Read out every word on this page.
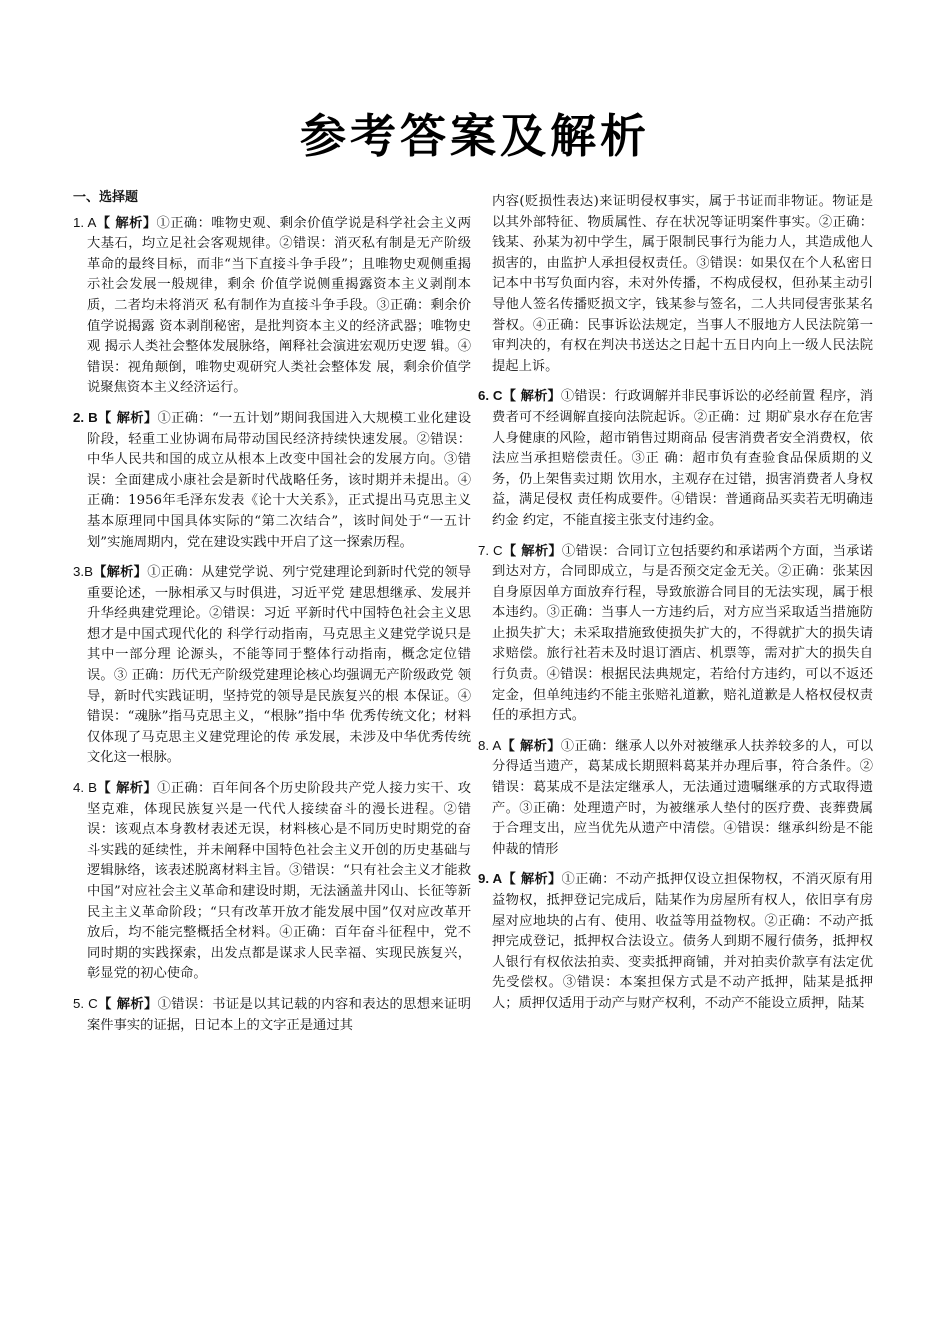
参考答案及解析
一、选择题
1. A【 解析】①正确：唯物史观、剩余价值学说是科学社会主义两大基石，均立足社会客观规律。②错误：消灭私有制是无产阶级革命的最终目标，而非“当下直接斗争手段”；且唯物史观侧重揭示社会发展一般规律，剩余 价值学说侧重揭露资本主义剥削本质，二者均未将消灭 私有制作为直接斗争手段。③正确：剩余价值学说揭露 资本剥削秘密，是批判资本主义的经济武器；唯物史观 揭示人类社会整体发展脉络，阐释社会演进宏观历史逻 辑。④错误：视角颠倒，唯物史观研究人类社会整体发 展，剩余价值学说聚焦资本主义经济运行。
2. B【 解析】①正确：“一五计划”期间我国进入大规模工业化建设阶段，轻重工业协调布局带动国民经济持续快速发展。②错误：中华人民共和国的成立从根本上改变中国社会的发展方向。③错误：全面建成小康社会是新时代战略任务，该时期并未提出。④正确：1956年毛泽东发表《论十大关系》，正式提出马克思主义基本原理同中国具体实际的“第二次结合”，该时间处于“一五计划”实施周期内，党在建设实践中开启了这一探索历程。
3.B【解析】①正确：从建党学说、列宁党建理论到新时代党的领导重要论述，一脉相承又与时俱进，习近平党 建思想继承、发展并升华经典建党理论。②错误：习近 平新时代中国特色社会主义思想才是中国式现代化的 科学行动指南，马克思主义建党学说只是其中一部分理 论源头，不能等同于整体行动指南，概念定位错误。③ 正确：历代无产阶级党建理论核心均强调无产阶级政党 领导，新时代实践证明，坚持党的领导是民族复兴的根 本保证。④错误：“魂脉”指马克思主义，“根脉”指中华 优秀传统文化；材料仅体现了马克思主义建党理论的传 承发展，未涉及中华优秀传统文化这一根脉。
4. B【 解析】①正确：百年间各个历史阶段共产党人接力实干、攻坚克难，体现民族复兴是一代代人接续奋斗的漫长进程。②错误：该观点本身教材表述无误，材料核心是不同历史时期党的奋斗实践的延续性，并未阐释中国特色社会主义开创的历史基础与逻辑脉络，该表述脱离材料主旨。③错误：“只有社会主义才能救中国”对应社会主义革命和建设时期，无法涵盖井冈山、长征等新民主主义革命阶段；“只有改革开放才能发展中国”仅对应改革开放后，均不能完整概括全材料。④正确：百年奋斗征程中，党不同时期的实践探索，出发点都是谋求人民幸福、实现民族复兴，彰显党的初心使命。
5. C【 解析】①错误：书证是以其记载的内容和表达的思想来证明案件事实的证据，日记本上的文字正是通过其
内容(贬损性表达)来证明侵权事实，属于书证而非物证。物证是以其外部特征、物质属性、存在状况等证明案件事实。②正确：钱某、孙某为初中学生，属于限制民事行为能力人，其造成他人损害的，由监护人承担侵权责任。③错误：如果仅在个人私密日记本中书写负面内容，未对外传播，不构成侵权，但孙某主动引导他人签名传播贬损文字，钱某参与签名，二人共同侵害张某名誉权。④正确：民事诉讼法规定，当事人不服地方人民法院第一审判决的，有权在判决书送达之日起十五日内向上一级人民法院提起上诉。
6. C【 解析】①错误：行政调解并非民事诉讼的必经前置 程序，消费者可不经调解直接向法院起诉。②正确：过 期矿泉水存在危害人身健康的风险，超市销售过期商品 侵害消费者安全消费权，依法应当承担赔偿责任。③正 确：超市负有查验食品保质期的义务，仍上架售卖过期 饮用水，主观存在过错，损害消费者人身权益，满足侵权 责任构成要件。④错误：普通商品买卖若无明确违约金 约定，不能直接主张支付违约金。
7. C【 解析】①错误：合同订立包括要约和承诺两个方面，当承诺到达对方，合同即成立，与是否预交定金无关。②正确：张某因自身原因单方面放弃行程，导致旅游合同目的无法实现，属于根本违约。③正确：当事人一方违约后，对方应当采取适当措施防止损失扩大；未采取措施致使损失扩大的，不得就扩大的损失请求赔偿。旅行社若未及时退订酒店、机票等，需对扩大的损失自行负责。④错误：根据民法典规定，若给付方违约，可以不返还定金，但单纯违约不能主张赔礼道歉，赔礼道歉是人格权侵权责任的承担方式。
8. A【 解析】①正确：继承人以外对被继承人扶养较多的人，可以分得适当遗产，葛某成长期照料葛某并办理后事，符合条件。②错误：葛某成不是法定继承人，无法通过遗嘱继承的方式取得遗产。③正确：处理遗产时，为被继承人垫付的医疗费、丧葬费属于合理支出，应当优先从遗产中清偿。④错误：继承纠纷是不能仲裁的情形
9. A【 解析】①正确：不动产抵押仅设立担保物权，不消灭原有用益物权，抵押登记完成后，陆某作为房屋所有权人，依旧享有房屋对应地块的占有、使用、收益等用益物权。②正确：不动产抵押完成登记，抵押权合法设立。债务人到期不履行债务，抵押权人银行有权依法拍卖、变卖抵押商铺，并对拍卖价款享有法定优先受偿权。③错误：本案担保方式是不动产抵押，陆某是抵押人；质押仅适用于动产与财产权利，不动产不能设立质押，陆某
